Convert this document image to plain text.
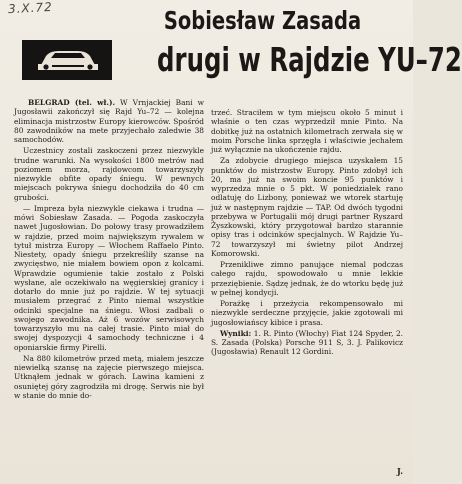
3.X.72	Sobiesław Zasada
drugi w Rajdzie YU–72

BELGRAD (tel. wł.). W Vrnjackiej Bani w Jugosławii zakończył się Rajd Yu–72 — kolejna eliminacja mistrzostw Europy kierowców. Spośród 80 zawodników na mete przyjechało zaledwie 38 samochodów.

Uczestnicy zostali zaskoczeni przez niezwykle trudne warunki. Na wysokości 1800 metrów nad poziomem morza, rajdowcom towarzyszyły niezwykle obfite opady śniegu. W pewnych miejscach pokrywa śniegu dochodziła do 40 cm grubości.

— Impreza była niezwykle ciekawa i trudna — mówi Sobiesław Zasada. — Pogoda zaskoczyła nawet Jugosłowian. Do połowy trasy prowadziłem w rajdzie, przed moim największym rywalem w tytuł mistrza Europy — Włochem Raffaelo Pinto. Niestety, opady śniegu przekreśliły szanse na zwycięstwo, nie miałem bowiem opon z kolcami. Wprawdzie ogumienie takie zostało z Polski wysłane, ale oczekiwało na węgierskiej granicy i dotarło do mnie już po rajdzie. W tej sytuacji musiałem przegrać z Pinto niemal wszystkie odcinki specjalne na śniegu. Włosi zadbali o swojego zawodnika. Aż 6 wozów serwisowych towarzyszyło mu na całej trasie. Pinto miał do swojej dyspozycji 4 samochody techniczne i 4 oponiarskie firmy Pirelli.

Na 880 kilometrów przed metą, miałem jeszcze niewielką szansę na zajęcie pierwszego miejsca. Utknąłem jednak w górach. Lawina kamieni z osuniętej góry zagrodziła mi drogę. Serwis nie był w stanie do mnie do-

trzeć. Straciłem w tym miejscu około 5 minut i właśnie o ten czas wyprzedził mnie Pinto. Na dobitkę już na ostatnich kilometrach zerwała się w moim Porsche linka sprzęgła i właściwie jechałem już wyłącznie na ukończenie rajdu.

Za zdobycie drugiego miejsca uzyskałem 15 punktów do mistrzostw Europy. Pinto zdobył ich 20, ma już na swoim koncie 95 punktów i wyprzedza mnie o 5 pkt. W poniedziałek rano odlatuję do Lizbony, ponieważ we wtorek startuję już w następnym rajdzie — TAP. Od dwóch tygodni przebywa w Portugalii mój drugi partner Ryszard Żyszkowski, który przygotował bardzo starannie opisy tras i odcinków specjalnych. W Rajdzie Yu–72 towarzyszył mi świetny pilot Andrzej Komorowski.

Przenikliwe zimno panujące niemal podczas całego rajdu, spowodowało u mnie lekkie przeziębienie. Sądzę jednak, że do wtorku będę już w pełnej kondycji.

Porażkę i przeżycia rekompensowało mi niezwykle serdeczne przyjęcie, jakie zgotowali mi jugosłowiańscy kibice i prasa.

Wyniki: 1. R. Pinto (Włochy) Fiat 124 Spyder, 2. S. Zasada (Polska) Porsche 911 S, 3. J. Palikovicz (Jugosławia) Renault 12 Gordini.

J.
